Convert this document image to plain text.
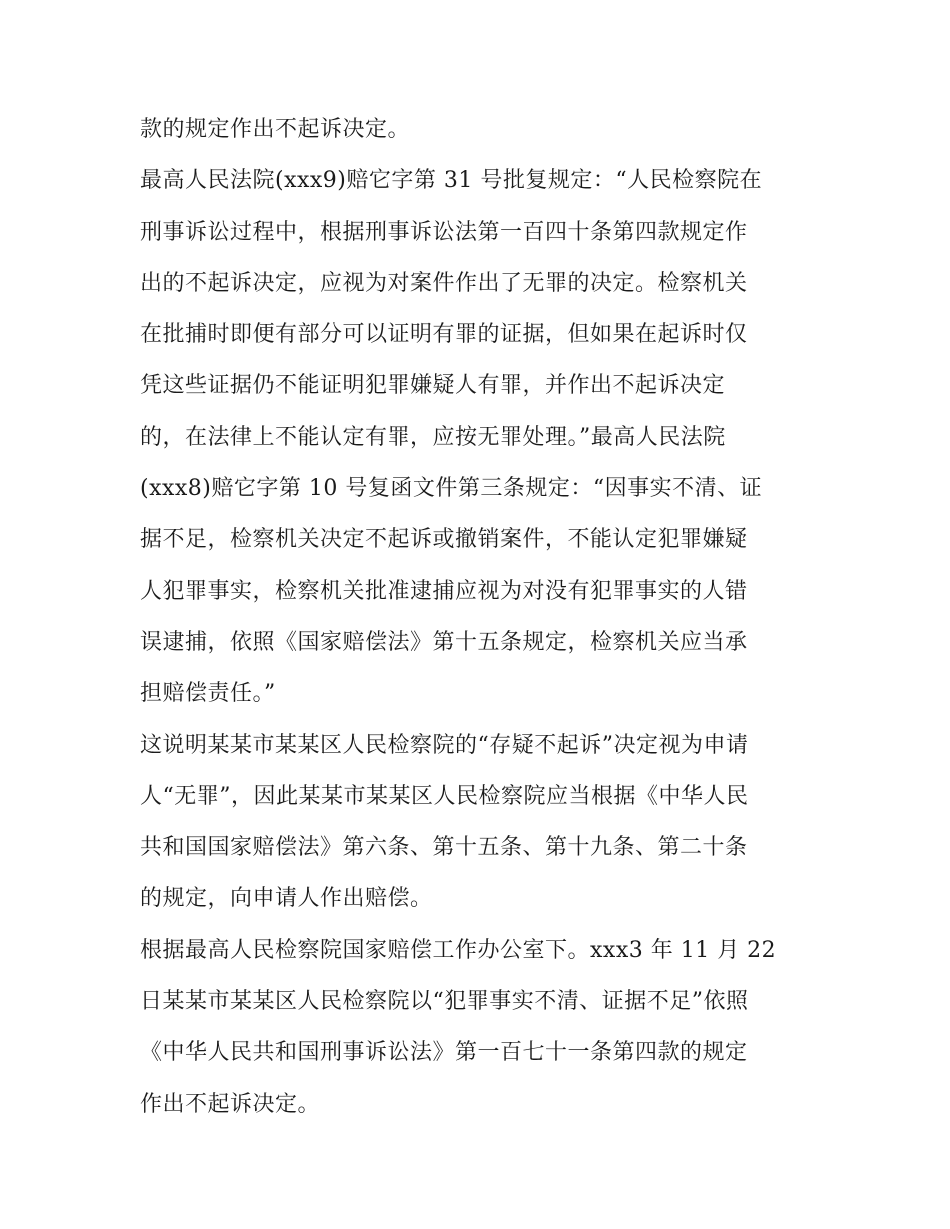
款的规定作出不起诉决定。
最高人民法院(xxx9)赔它字第 31 号批复规定：“人民检察院在
刑事诉讼过程中，根据刑事诉讼法第一百四十条第四款规定作
出的不起诉决定，应视为对案件作出了无罪的决定。检察机关
在批捕时即便有部分可以证明有罪的证据，但如果在起诉时仅
凭这些证据仍不能证明犯罪嫌疑人有罪，并作出不起诉决定
的，在法律上不能认定有罪，应按无罪处理。”最高人民法院
(xxx8)赔它字第 10 号复函文件第三条规定：“因事实不清、证
据不足，检察机关决定不起诉或撤销案件，不能认定犯罪嫌疑
人犯罪事实，检察机关批准逮捕应视为对没有犯罪事实的人错
误逮捕，依照《国家赔偿法》第十五条规定，检察机关应当承
担赔偿责任。”
这说明某某市某某区人民检察院的“存疑不起诉”决定视为申请
人“无罪”，因此某某市某某区人民检察院应当根据《中华人民
共和国国家赔偿法》第六条、第十五条、第十九条、第二十条
的规定，向申请人作出赔偿。
根据最高人民检察院国家赔偿工作办公室下。xxx3 年 11 月 22
日某某市某某区人民检察院以“犯罪事实不清、证据不足”依照
《中华人民共和国刑事诉讼法》第一百七十一条第四款的规定
作出不起诉决定。
